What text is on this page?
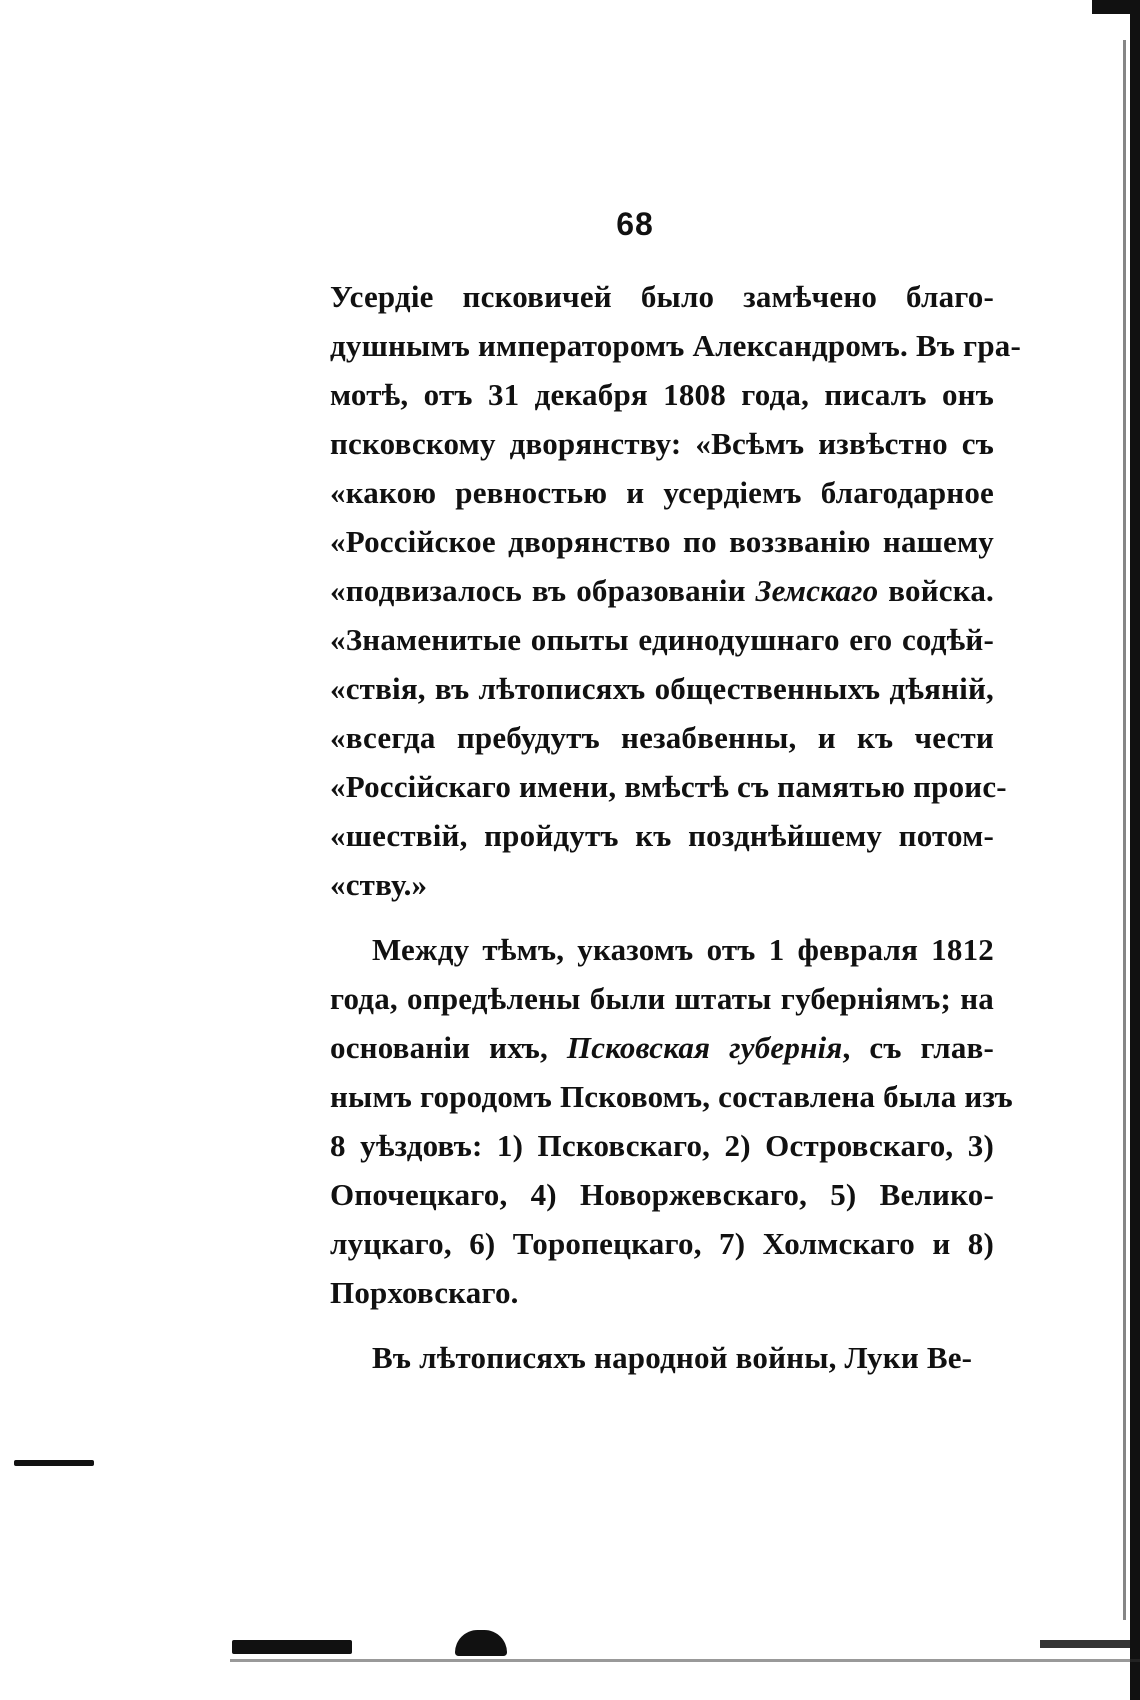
68
Усердіе псковичей было замѣчено благо-
душнымъ императоромъ Александромъ. Въ гра-
мотѣ, отъ 31 декабря 1808 года, писалъ онъ
псковскому дворянству: «Всѣмъ извѣстно съ
«какою ревностью и усердіемъ благодарное
«Россійское дворянство по воззванію нашему
«подвизалось въ образованіи Земскаго войска.
«Знаменитые опыты единодушнаго его содѣй-
«ствія, въ лѣтописяхъ общественныхъ дѣяній,
«всегда пребудутъ незабвенны, и къ чести
«Россійскаго имени, вмѣстѣ съ памятью проис-
«шествій, пройдутъ къ позднѣйшему потом-
«ству.»
Между тѣмъ, указомъ отъ 1 февраля 1812
года, опредѣлены были штаты губерніямъ; на
основаніи ихъ, Псковская губернія, съ глав-
нымъ городомъ Псковомъ, составлена была изъ
8 уѣздовъ: 1) Псковскаго, 2) Островскаго, 3)
Опочецкаго, 4) Новоржевскаго, 5) Велико-
луцкаго, 6) Торопецкаго, 7) Холмскаго и 8)
Порховскаго.
Въ лѣтописяхъ народной войны, Луки Ве-
